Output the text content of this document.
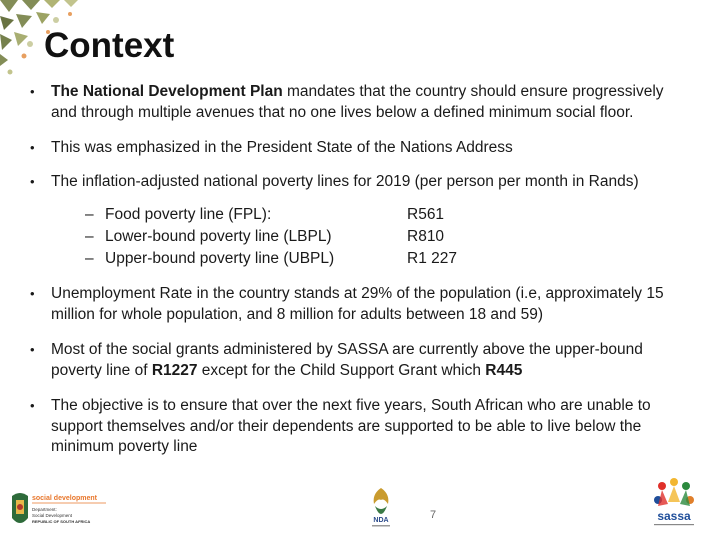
Context
•	The National Development Plan mandates that the country should ensure progressively and through multiple avenues that no one lives below a defined minimum social floor.
•	This was emphasized in the President State of the Nations Address
•	The inflation-adjusted national poverty lines for 2019 (per person per month in Rands)
– Food poverty line (FPL):	R561
– Lower-bound poverty line (LBPL)	R810
– Upper-bound poverty line (UBPL)	R1 227
•	Unemployment Rate in the country stands at 29% of the population (i.e, approximately 15 million for whole population, and 8 million for adults between 18 and 59)
•	Most of the social grants administered by SASSA are currently above the upper-bound poverty line of R1227 except for the Child Support Grant which R445
•	The objective is to ensure that over the next five years, South African who are unable to support themselves and/or their dependents are supported to be able to live below the minimum poverty line
social development
Department:
Social Development
REPUBLIC OF SOUTH AFRICA	NDA	7	sassa
